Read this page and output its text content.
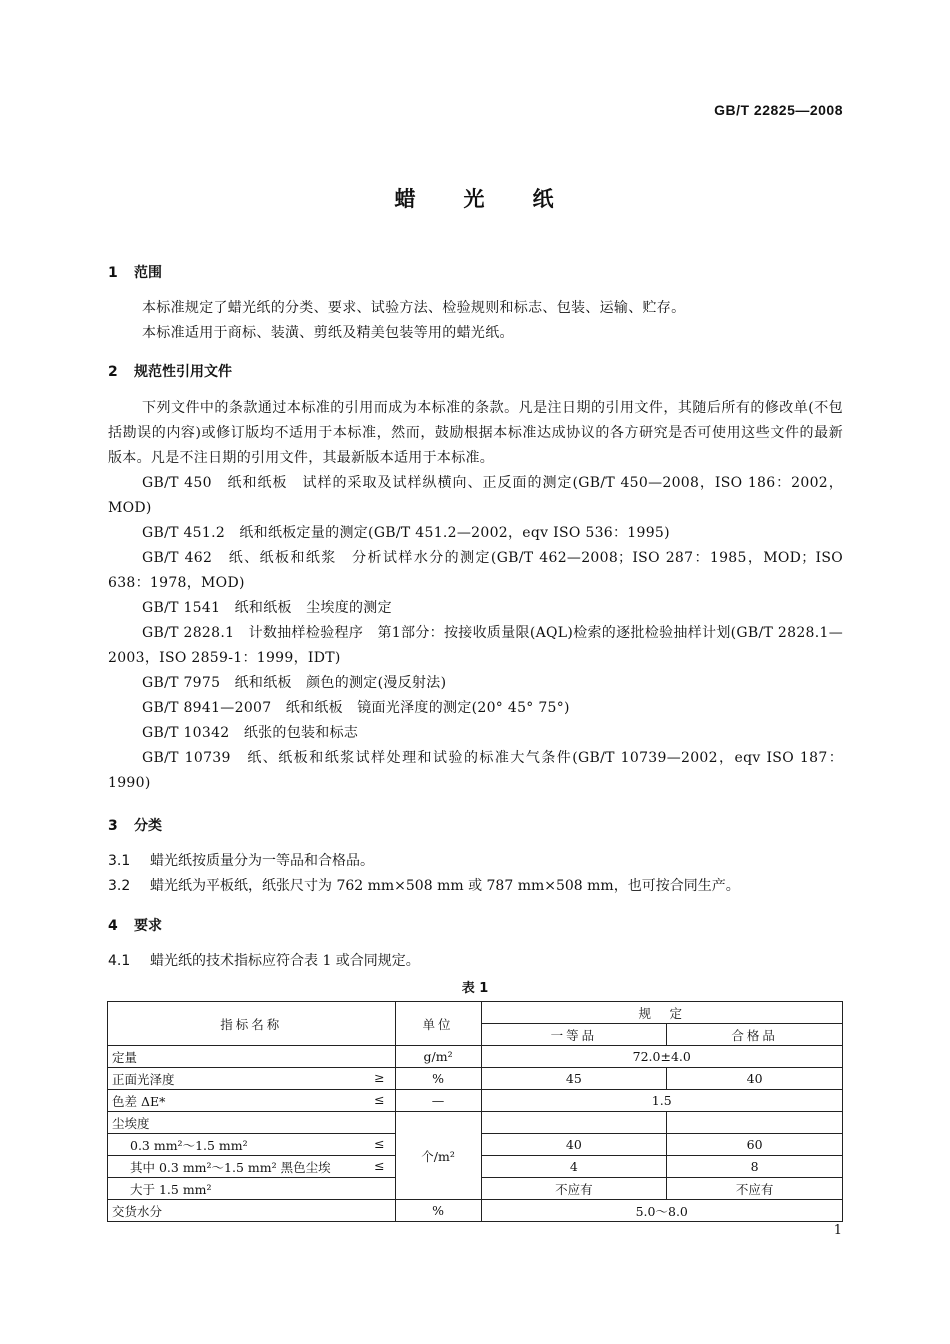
GB/T 22825—2008
蜡　　光　　纸
1 范围
本标准规定了蜡光纸的分类、要求、试验方法、检验规则和标志、包装、运输、贮存。
本标准适用于商标、装潢、剪纸及精美包装等用的蜡光纸。
2 规范性引用文件
下列文件中的条款通过本标准的引用而成为本标准的条款。凡是注日期的引用文件，其随后所有的修改单(不包括勘误的内容)或修订版均不适用于本标准，然而，鼓励根据本标准达成协议的各方研究是否可使用这些文件的最新版本。凡是不注日期的引用文件，其最新版本适用于本标准。
GB/T 450　纸和纸板　试样的采取及试样纵横向、正反面的测定(GB/T 450—2008，ISO 186：2002，MOD)
GB/T 451.2　纸和纸板定量的测定(GB/T 451.2—2002，eqv ISO 536：1995)
GB/T 462　纸、纸板和纸浆　分析试样水分的测定(GB/T 462—2008；ISO 287：1985，MOD；ISO 638：1978，MOD)
GB/T 1541　纸和纸板　尘埃度的测定
GB/T 2828.1　计数抽样检验程序　第1部分：按接收质量限(AQL)检索的逐批检验抽样计划(GB/T 2828.1—2003，ISO 2859-1：1999，IDT)
GB/T 7975　纸和纸板　颜色的测定(漫反射法)
GB/T 8941—2007　纸和纸板　镜面光泽度的测定(20° 45° 75°)
GB/T 10342　纸张的包装和标志
GB/T 10739　纸、纸板和纸浆试样处理和试验的标准大气条件(GB/T 10739—2002，eqv ISO 187：1990)
3 分类
3.1 蜡光纸按质量分为一等品和合格品。
3.2 蜡光纸为平板纸，纸张尺寸为 762 mm×508 mm 或 787 mm×508 mm，也可按合同生产。
4 要求
4.1 蜡光纸的技术指标应符合表 1 或合同规定。
表 1
指标名称	单位	规　定	
		一等品	合格品
定量	g/m²	72.0±4.0	
正面光泽度 ≥	%	45	40
色差 ΔE* ≤	—	1.5	
尘埃度	个/m²		
0.3 mm²～1.5 mm² ≤		40	60
其中 0.3 mm²～1.5 mm² 黑色尘埃 ≤		4	8
大于 1.5 mm²		不应有	不应有
交货水分	%	5.0～8.0	
1
